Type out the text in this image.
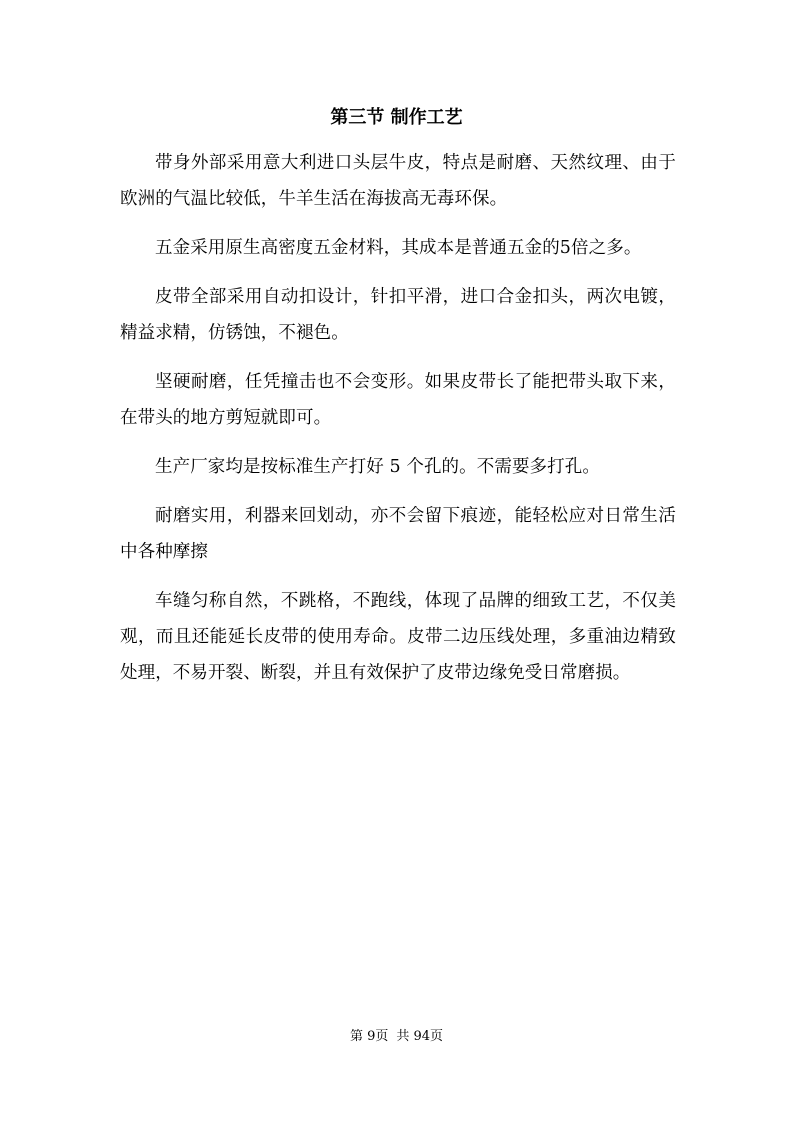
第三节 制作工艺

带身外部采用意大利进口头层牛皮，特点是耐磨、天然纹理、由于欧洲的气温比较低，牛羊生活在海拔高无毒环保。

五金采用原生高密度五金材料，其成本是普通五金的5倍之多。

皮带全部采用自动扣设计，针扣平滑，进口合金扣头，两次电镀，精益求精，仿锈蚀，不褪色。

坚硬耐磨，任凭撞击也不会变形。如果皮带长了能把带头取下来，在带头的地方剪短就即可。

生产厂家均是按标准生产打好 5 个孔的。不需要多打孔。

耐磨实用，利器来回划动，亦不会留下痕迹，能轻松应对日常生活中各种摩擦

车缝匀称自然，不跳格，不跑线，体现了品牌的细致工艺，不仅美观，而且还能延长皮带的使用寿命。皮带二边压线处理，多重油边精致处理，不易开裂、断裂，并且有效保护了皮带边缘免受日常磨损。

第 9页 共 94页
